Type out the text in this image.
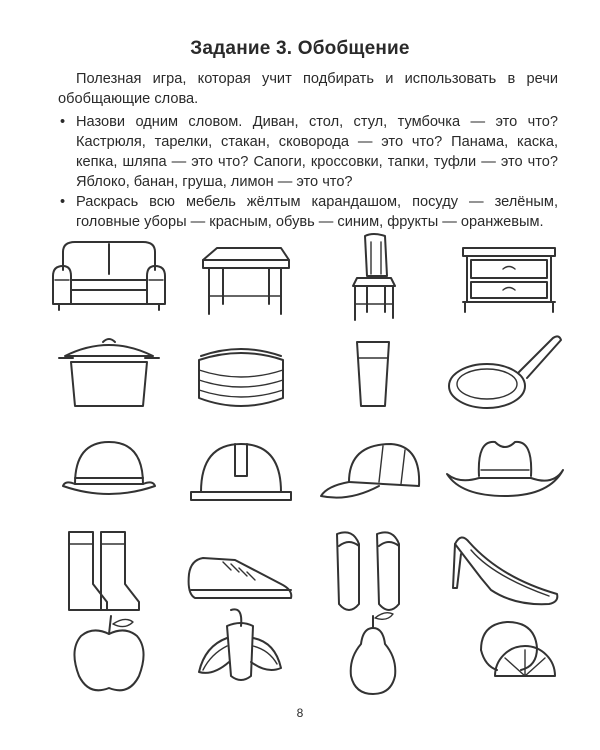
Задание 3. Обобщение
Полезная игра, которая учит подбирать и использовать в речи обобщающие слова.
• Назови одним словом. Диван, стол, стул, тумбочка — это что? Кастрюля, тарелки, стакан, сковорода — это что? Панама, каска, кепка, шляпа — это что? Сапоги, кроссовки, тапки, туфли — это что? Яблоко, банан, груша, лимон — это что?
• Раскрась всю мебель жёлтым карандашом, посуду — зелёным, головные уборы — красным, обувь — синим, фрукты — оранжевым.
8
